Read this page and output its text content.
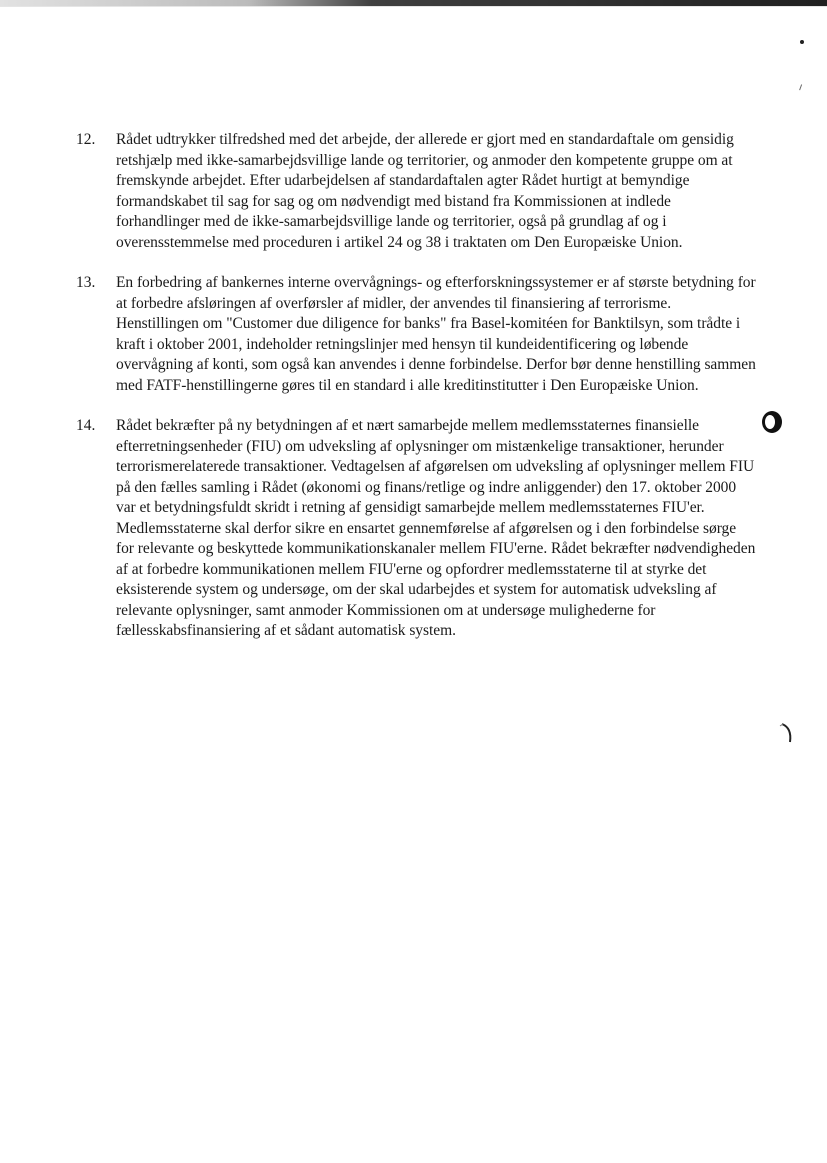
12.	Rådet udtrykker tilfredshed med det arbejde, der allerede er gjort med en standardaftale om gensidig retshjælp med ikke-samarbejdsvillige lande og territorier, og anmoder den kompetente gruppe om at fremskynde arbejdet. Efter udarbejdelsen af standardaftalen agter Rådet hurtigt at bemyndige formandskabet til sag for sag og om nødvendigt med bistand fra Kommissionen at indlede forhandlinger med de ikke-samarbejdsvillige lande og territorier, også på grundlag af og i overensstemmelse med proceduren i artikel 24 og 38 i traktaten om Den Europæiske Union.
13.	En forbedring af bankernes interne overvågnings- og efterforskningssystemer er af største betydning for at forbedre afsløringen af overførsler af midler, der anvendes til finansiering af terrorisme. Henstillingen om "Customer due diligence for banks" fra Basel-komitéen for Banktilsyn, som trådte i kraft i oktober 2001, indeholder retningslinjer med hensyn til kundeidentificering og løbende overvågning af konti, som også kan anvendes i denne forbindelse. Derfor bør denne henstilling sammen med FATF-henstillingerne gøres til en standard i alle kreditinstitutter i Den Europæiske Union.
14.	Rådet bekræfter på ny betydningen af et nært samarbejde mellem medlemsstaternes finansielle efterretningsenheder (FIU) om udveksling af oplysninger om mistænkelige transaktioner, herunder terrorismerelaterede transaktioner. Vedtagelsen af afgørelsen om udveksling af oplysninger mellem FIU på den fælles samling i Rådet (økonomi og finans/retlige og indre anliggender) den 17. oktober 2000 var et betydningsfuldt skridt i retning af gensidigt samarbejde mellem medlemsstaternes FIU'er. Medlemsstaterne skal derfor sikre en ensartet gennemførelse af afgørelsen og i den forbindelse sørge for relevante og beskyttede kommunikationskanaler mellem FIU'erne. Rådet bekræfter nødvendigheden af at forbedre kommunikationen mellem FIU'erne og opfordrer medlemsstaterne til at styrke det eksisterende system og undersøge, om der skal udarbejdes et system for automatisk udveksling af relevante oplysninger, samt anmoder Kommissionen om at undersøge mulighederne for fællesskabsfinansiering af et sådant automatisk system.
